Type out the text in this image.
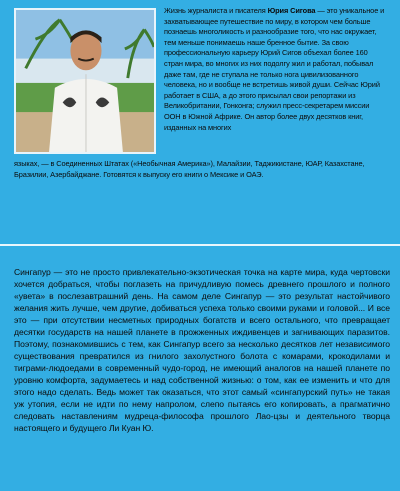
Жизнь журналиста и писателя Юрия Сигова — это уникальное и захватывающее путешествие по миру, в котором чем больше познаешь многоликость и разнообразие того, что нас окружает, тем меньше понимаешь наше бренное бытие. За свою профессиональную карьеру Юрий Сигов объехал более 160 стран мира, во многих из них подолгу жил и работал, побывал даже там, где не ступала не только нога цивилизованного человека, но и вообще не встретишь живой души. Сейчас Юрий работает в США, а до этого присылал свои репортажи из Великобритании, Гонконга; служил пресс-секретарем миссии ООН в Южной Африке. Он автор более двух десятков книг, изданных на многих
языках, — в Соединенных Штатах («Необычная Америка»), Малайзии, Таджикистане, ЮАР, Казахстане, Бразилии, Азербайджане. Готовятся к выпуску его книги о Мексике и ОАЭ.
Сингапур — это не просто привлекательно-экзотическая точка на карте мира, куда чертовски хочется добраться, чтобы поглазеть на причудливую помесь древнего прошлого и полного «увета» в послезавтрашний день. На самом деле Сингапур — это результат настойчивого желания жить лучше, чем другие, добиваться успеха только своими руками и головой... И все это — при отсутствии несметных природных богатств и всего остального, что превращает десятки государств на нашей планете в прожженных иждивенцев и загнивающих паразитов. Поэтому, познакомившись с тем, как Сингапур всего за несколько десятков лет независимого существования превратился из гнилого захолустного болота с комарами, крокодилами и тиграми-людоедами в современный чудо-город, не имеющий аналогов на нашей планете по уровню комфорта, задумаетесь и над собственной жизнью: о том, как ее изменить и что для этого надо сделать. Ведь может так оказаться, что этот самый «сингапурский путь» не такая уж утопия, если не идти по нему напролом, слепо пытаясь его копировать, а прагматично следовать наставлениям мудреца-философа прошлого Лао-цзы и деятельного творца настоящего и будущего Ли Куан Ю.
